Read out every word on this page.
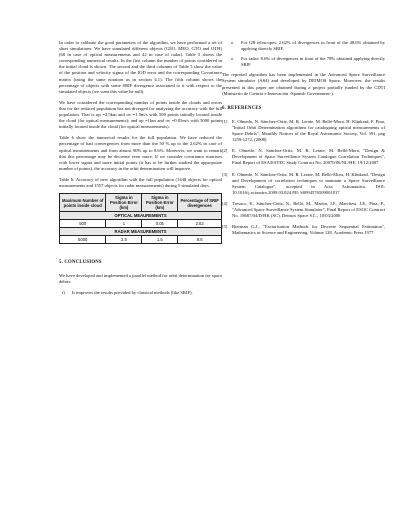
In order to calibrate the good parameters of the algorithm, we have performed a set of short simulations: We have simulated different objects (GEO, MEO, GTO and OTH) (68 in case of optical measurements and 42 in case of radar). Table 5 shows the corresponding numerical results. In the first column the number of points considered in the initial cloud is shown. The second and the third columns of Table 5 show the value of the position and velocity sigma of the IOD error and the corresponding Covariance matrix (using the same notation as in section 4.1). The fifth column shows the percentage of objects with some SRIF divergence associated to it with respect to the simulated objects (we want this value be null).

We have considered the corresponding number of points inside the clouds and errors that for the reduced population has not diverged for analyzing the accuracy with the full population. That is σp =2.5km and σv =1.5m/s with 500 points initially located inside the cloud (for optical measurements); and σp =1km and σv =0.05m/s with 5000 points initially located inside the cloud (for optical measurements).

Table 6 show the numerical results for the full population. We have reduced the percentage of bad convergences from more than the 50 % up to the 2.62% in case of optical measurements and from almost 90% up to 8.6%. Moreover, we want to remark that this percentage may be decrease even more. If we consider covariance matrixes with lower sigma and more initial points (it has to be further studied the appropriate number of points), the accuracy in the orbit determination will improve.

Table 6: Accuracy of new algorithm with the full population (1448 objects for optical measurements and 1557 objects for radar measurements) during 5 simulated days.
Maximum Number of points inside cloud	Sigma in Position Error (km)	Sigma in Position Error (km)	Percentage of SRIF divergences
OPTICAL MEAUREMENTS			
500	1	0.05	2.62
RADAR MEASUREMENTS			
5000	2.5	1.5	8.6
5. CONCLUSIONS

We have developed and implemented a parallel method for orbit determination for space debris:

i)	It improves the results provided by classical methods (like SRIF).
o	For GB telescopes: 2.62% of divergences in front of the 48.6% obtained by applying directly SRIF.
o	For radar: 8.6% of divergences in front of the 78% obtained applying directly SRIF

The reported algorithm has been implemented in the Advanced Space Surveillance System simulator (AS4) and developed by DEIMOS Space. Moreover, the results presented in this paper are obtained during a project partially funded by the CDTI (Ministerio de Ciencia e Innovación -Spanish Government-).

6. REFERENCES
[1]	E. Olmedo, N. Sánchez-Ortiz, M. R. Lerate, M. Belló-Mora, H. Klinkrad, F. Pina, "Initial Orbit Determination algorithms for cataloguing optical measurements of Space Debris", Monthly Notices of the Royal Astronomic Society, Vol. 391, pag 1259-1272, (2008)
[2]	E. Olmedo, N. Sánchez-Ortiz, M. R. Lerate, M. Belló-Mora, "Design & Development of Space Surveillance System Catalogue Correlation Techniques", Final Report of ESA/ESTEC Study Contract No. 20070/06/NL/HE, 19/12/2007
[3]	E. Olmedo, N. Sánchez-Ortiz, M. R. Lerate, M. Belló-Mora, H. Klinkrad, "Design and Development of correlation techniques to maintain a Space Surveillance System Catalogue", accepted in Acta Astronautica. DOI: 10.1016/j.actaastro.2009.03.024 PII: S0094576509001817
[4]	Tresaco, E., Sánchez-Ortiz, N., Belló, M., Martin, J.F., Marchesi, J.E., Pina, F., "Advanced Space Surveillance System Simulator", Final Report of ESOC Contract No. 18687/04/D/HK (SC), Deimos Space S.L., 10/03/2006
[5]	Bierman G.J., "Factorisation Methods for Discrete Sequential Estimation", Mathematics in Science and Engineering, Volume 128, Academic Press 1977
